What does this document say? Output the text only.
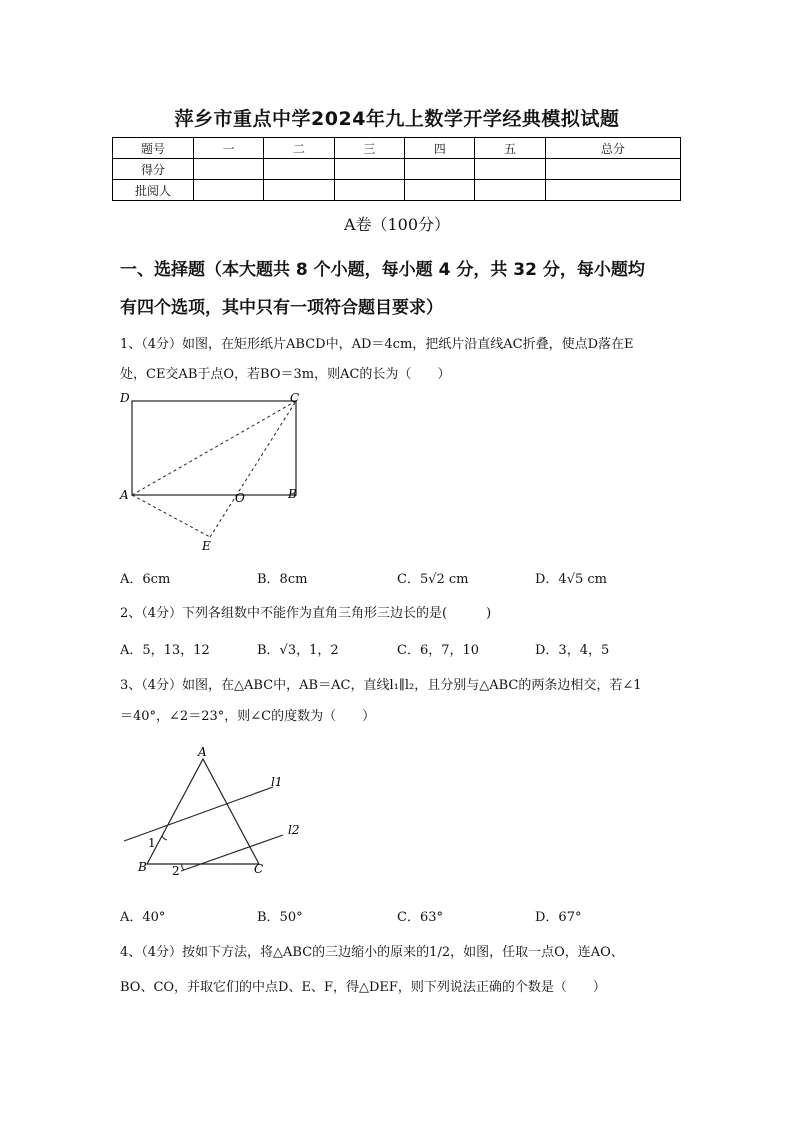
萍乡市重点中学2024年九上数学开学经典模拟试题
题号	一	二	三	四	五	总分
得分						
批阅人						
A卷（100分）
一、选择题（本大题共 8 个小题，每小题 4 分，共 32 分，每小题均
有四个选项，其中只有一项符合题目要求）
1、（4分）如图，在矩形纸片ABCD中，AD＝4cm，把纸片沿直线AC折叠，使点D落在E
处，CE交AB于点O，若BO＝3m，则AC的长为（　　）
D	C
A	O	B
E
A．6cm	B．8cm	C．5√2 cm	D．4√5 cm
2、（4分）下列各组数中不能作为直角三角形三边长的是(　　　)
A．5，13，12	B．√3，1，2	C．6，7，10	D．3，4，5
3、（4分）如图，在△ABC中，AB＝AC，直线l₁∥l₂，且分别与△ABC的两条边相交，若∠1
＝40°，∠2＝23°，则∠C的度数为（　　）
A
l1
l2
1
B 2	C
A．40°	B．50°	C．63°	D．67°
4、（4分）按如下方法，将△ABC的三边缩小的原来的1/2，如图，任取一点O，连AO、
BO、CO，并取它们的中点D、E、F，得△DEF，则下列说法正确的个数是（　　）
